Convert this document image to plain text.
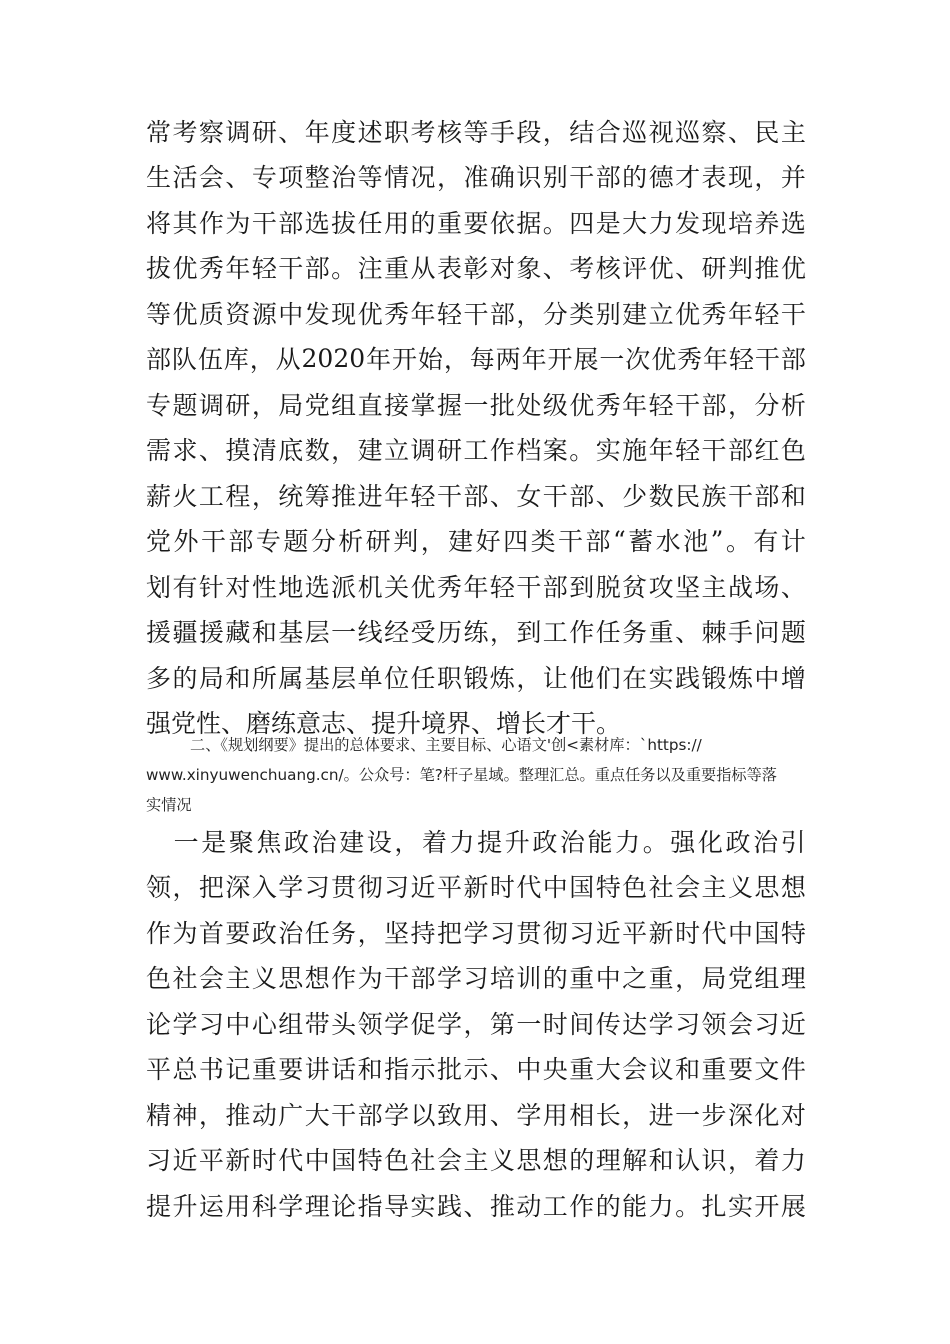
常 考 察 调 研 、 年 度 述 职 考 核 等 手 段 ， 结 合 巡 视 巡 察 、 民 主
生 活 会 、 专 项 整 治 等 情 况 ， 准 确 识 别 干 部 的 德 才 表 现 ， 并
将 其 作 为 干 部 选 拔 任 用 的 重 要 依 据 。 四 是 大 力 发 现 培 养 选
拔 优 秀 年 轻 干 部 。 注 重 从 表 彰 对 象 、 考 核 评 优 、 研 判 推 优
等 优 质 资 源 中 发 现 优 秀 年 轻 干 部 ， 分 类 别 建 立 优 秀 年 轻 干
部 队 伍 库 ， 从 2020 年 开 始 ， 每 两 年 开 展 一 次 优 秀 年 轻 干 部
专 题 调 研 ， 局 党 组 直 接 掌 握 一 批 处 级 优 秀 年 轻 干 部 ， 分 析
需 求 、 摸 清 底 数 ， 建 立 调 研 工 作 档 案 。 实 施 年 轻 干 部 红 色
薪 火 工 程 ， 统 筹 推 进 年 轻 干 部 、 女 干 部 、 少 数 民 族 干 部 和
党 外 干 部 专 题 分 析 研 判 ， 建 好 四 类 干 部 “ 蓄 水 池 ” 。 有 计
划 有 针 对 性 地 选 派 机 关 优 秀 年 轻 干 部 到 脱 贫 攻 坚 主 战 场 、
援 疆 援 藏 和 基 层 一 线 经 受 历 练 ， 到 工 作 任 务 重 、 棘 手 问 题
多 的 局 和 所 属 基 层 单 位 任 职 锻 炼 ， 让 他 们 在 实 践 锻 炼 中 增
强党性、磨练意志、提升境界、增长才干。
二、《规划纲要》提出的总体要求、主要目标、心语文'创<素材库：`https://
www.xinyuwenchuang.cn/。公众号：笔?杆子星域。整理汇总。重点任务以及重要指标等落
实情况

一 是 聚 焦 政 治 建 设 ， 着 力 提 升 政 治 能 力 。 强 化 政 治 引
领 ， 把 深 入 学 习 贯 彻 习 近 平 新 时 代 中 国 特 色 社 会 主 义 思 想
作 为 首 要 政 治 任 务 ， 坚 持 把 学 习 贯 彻 习 近 平 新 时 代 中 国 特
色 社 会 主 义 思 想 作 为 干 部 学 习 培 训 的 重 中 之 重 ， 局 党 组 理
论 学 习 中 心 组 带 头 领 学 促 学 ， 第 一 时 间 传 达 学 习 领 会 习 近
平 总 书 记 重 要 讲 话 和 指 示 批 示 、 中 央 重 大 会 议 和 重 要 文 件
精 神 ， 推 动 广 大 干 部 学 以 致 用 、 学 用 相 长 ， 进 一 步 深 化 对
习 近 平 新 时 代 中 国 特 色 社 会 主 义 思 想 的 理 解 和 认 识 ， 着 力
提 升 运 用 科 学 理 论 指 导 实 践 、 推 动 工 作 的 能 力 。 扎 实 开 展
